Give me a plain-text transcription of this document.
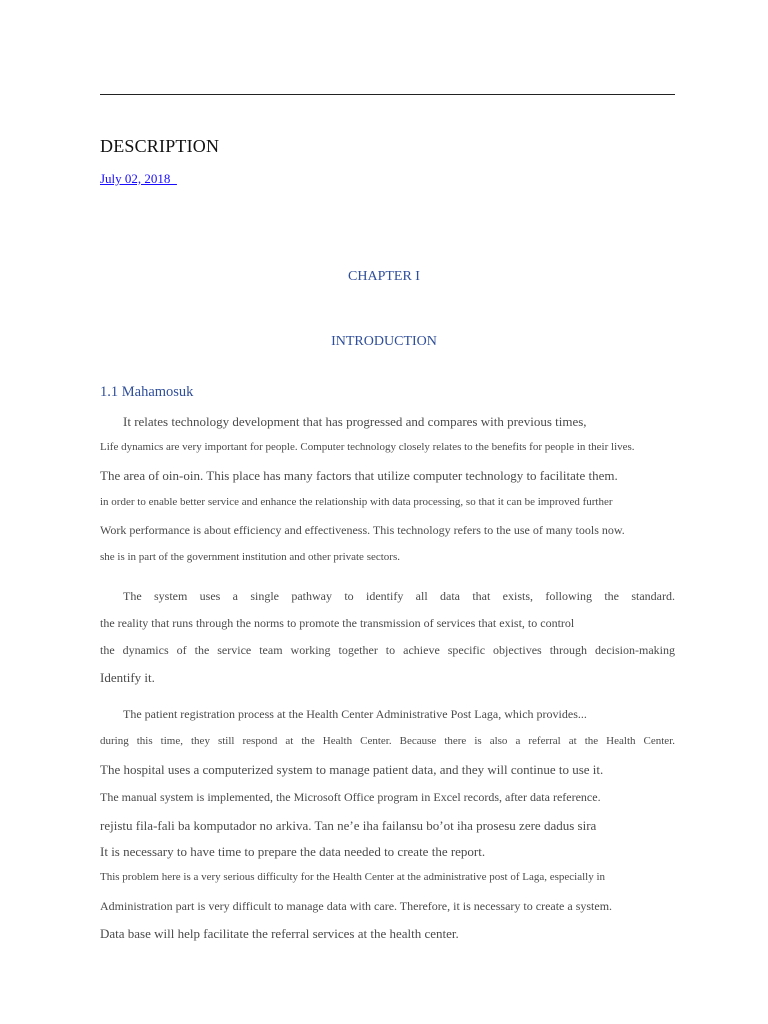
DESCRIPTION
July 02, 2018
CHAPTER I
INTRODUCTION
1.1 Mahamosuk
It relates technology development that has progressed and compares with previous times,
Life dynamics are very important for people. Computer technology closely relates to the benefits for people in their lives.
The area of oin-oin. This place has many factors that utilize computer technology to facilitate them.
in order to enable better service and enhance the relationship with data processing, so that it can be improved further
Work performance is about efficiency and effectiveness. This technology refers to the use of many tools now.
she is in part of the government institution and other private sectors.
The system uses a single pathway to identify all data that exists, following the standard.
the reality that runs through the norms to promote the transmission of services that exist, to control
the dynamics of the service team working together to achieve specific objectives through decision-making
Identify it.
The patient registration process at the Health Center Administrative Post Laga, which provides...
during this time, they still respond at the Health Center. Because there is also a referral at the Health Center.
The hospital uses a computerized system to manage patient data, and they will continue to use it.
The manual system is implemented, the Microsoft Office program in Excel records, after data reference.
rejistu fila-fali ba komputador no arkiva. Tan ne’e iha failansu bo’ot iha prosesu zere dadus sira
It is necessary to have time to prepare the data needed to create the report.
This problem here is a very serious difficulty for the Health Center at the administrative post of Laga, especially in
Administration part is very difficult to manage data with care. Therefore, it is necessary to create a system.
Data base will help facilitate the referral services at the health center.
